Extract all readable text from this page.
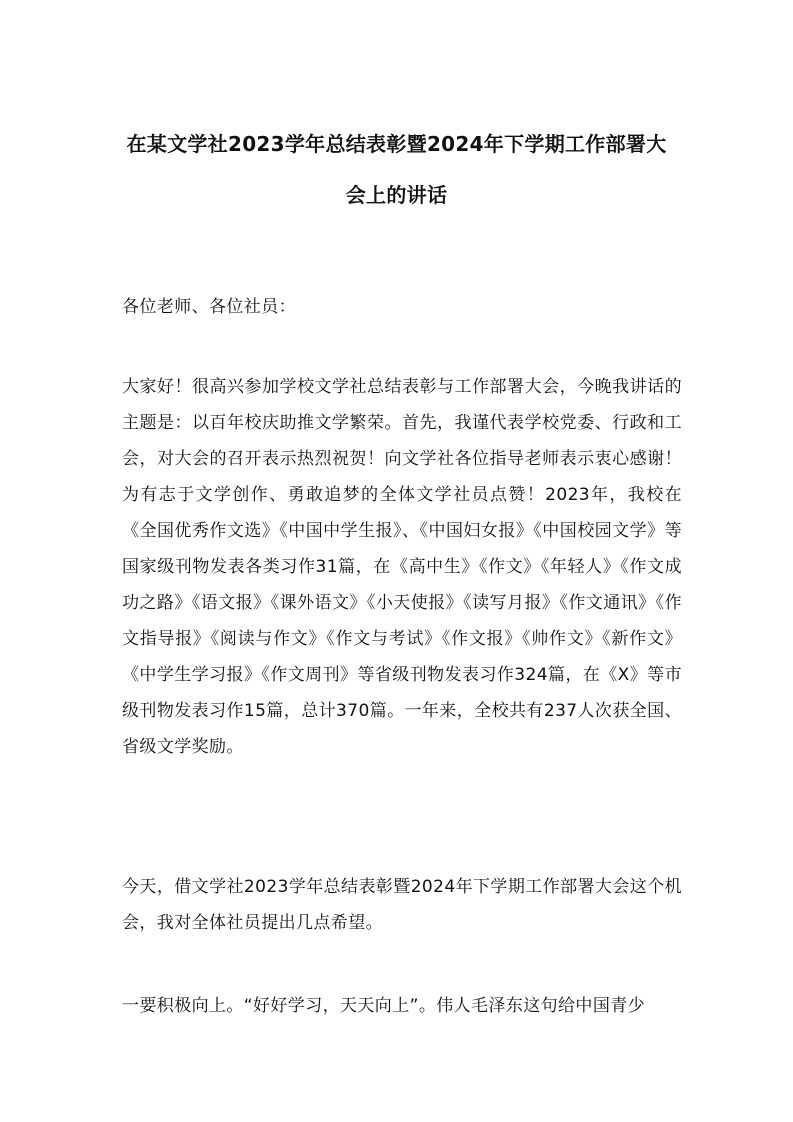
在某文学社2023学年总结表彰暨2024年下学期工作部署大
会上的讲话
各位老师、各位社员：
大家好！很高兴参加学校文学社总结表彰与工作部署大会，今晚我讲话的主题是：以百年校庆助推文学繁荣。首先，我谨代表学校党委、行政和工会，对大会的召开表示热烈祝贺！向文学社各位指导老师表示衷心感谢！为有志于文学创作、勇敢追梦的全体文学社员点赞！2023年，我校在《全国优秀作文选》《中国中学生报》、《中国妇女报》《中国校园文学》等国家级刊物发表各类习作31篇，在《高中生》《作文》《年轻人》《作文成功之路》《语文报》《课外语文》《小天使报》《读写月报》《作文通讯》《作文指导报》《阅读与作文》《作文与考试》《作文报》《帅作文》《新作文》《中学生学习报》《作文周刊》等省级刊物发表习作324篇，在《X》等市级刊物发表习作15篇，总计370篇。一年来，全校共有237人次获全国、省级文学奖励。
今天，借文学社2023学年总结表彰暨2024年下学期工作部署大会这个机会，我对全体社员提出几点希望。
一要积极向上。“好好学习，天天向上”。伟人毛泽东这句给中国青少
